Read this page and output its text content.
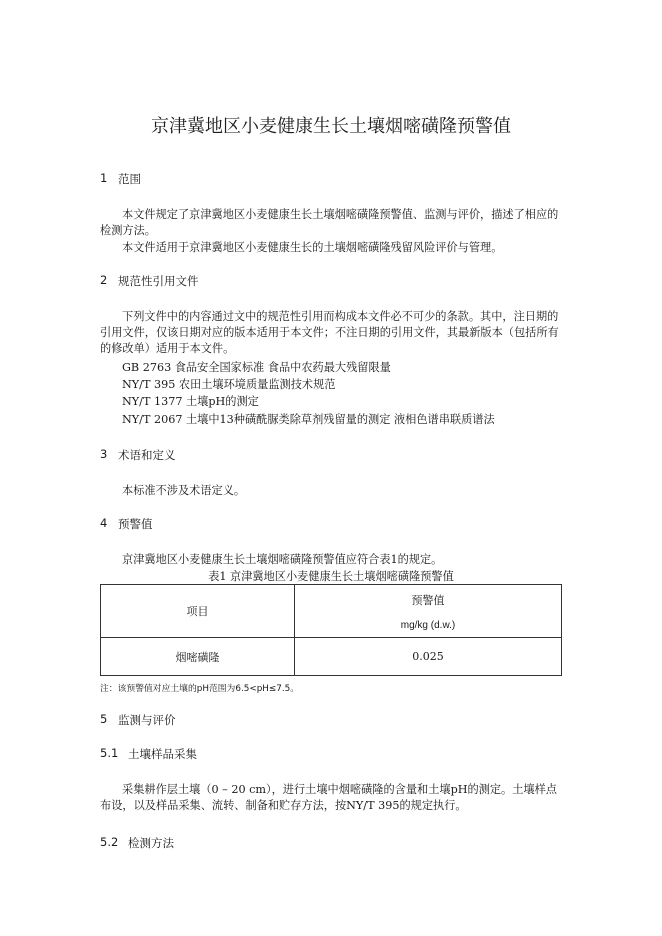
京津冀地区小麦健康生长土壤烟嘧磺隆预警值
1 范围
本文件规定了京津冀地区小麦健康生长土壤烟嘧磺隆预警值、监测与评价，描述了相应的检测方法。
本文件适用于京津冀地区小麦健康生长的土壤烟嘧磺隆残留风险评价与管理。
2 规范性引用文件
下列文件中的内容通过文中的规范性引用而构成本文件必不可少的条款。其中，注日期的引用文件，仅该日期对应的版本适用于本文件；不注日期的引用文件，其最新版本（包括所有的修改单）适用于本文件。
GB 2763 食品安全国家标准 食品中农药最大残留限量
NY/T 395 农田土壤环境质量监测技术规范
NY/T 1377 土壤pH的测定
NY/T 2067 土壤中13种磺酰脲类除草剂残留量的测定 液相色谱串联质谱法
3 术语和定义
本标准不涉及术语定义。
4 预警值
京津冀地区小麦健康生长土壤烟嘧磺隆预警值应符合表1的规定。
表1 京津冀地区小麦健康生长土壤烟嘧磺隆预警值
项目	预警值
mg/kg (d.w.)

烟嘧磺隆	0.025
注：该预警值对应土壤的pH范围为6.5<pH≤7.5。
5 监测与评价
5.1 土壤样品采集
采集耕作层土壤（0 – 20 cm），进行土壤中烟嘧磺隆的含量和土壤pH的测定。土壤样点布设，以及样品采集、流转、制备和贮存方法，按NY/T 395的规定执行。
5.2 检测方法
